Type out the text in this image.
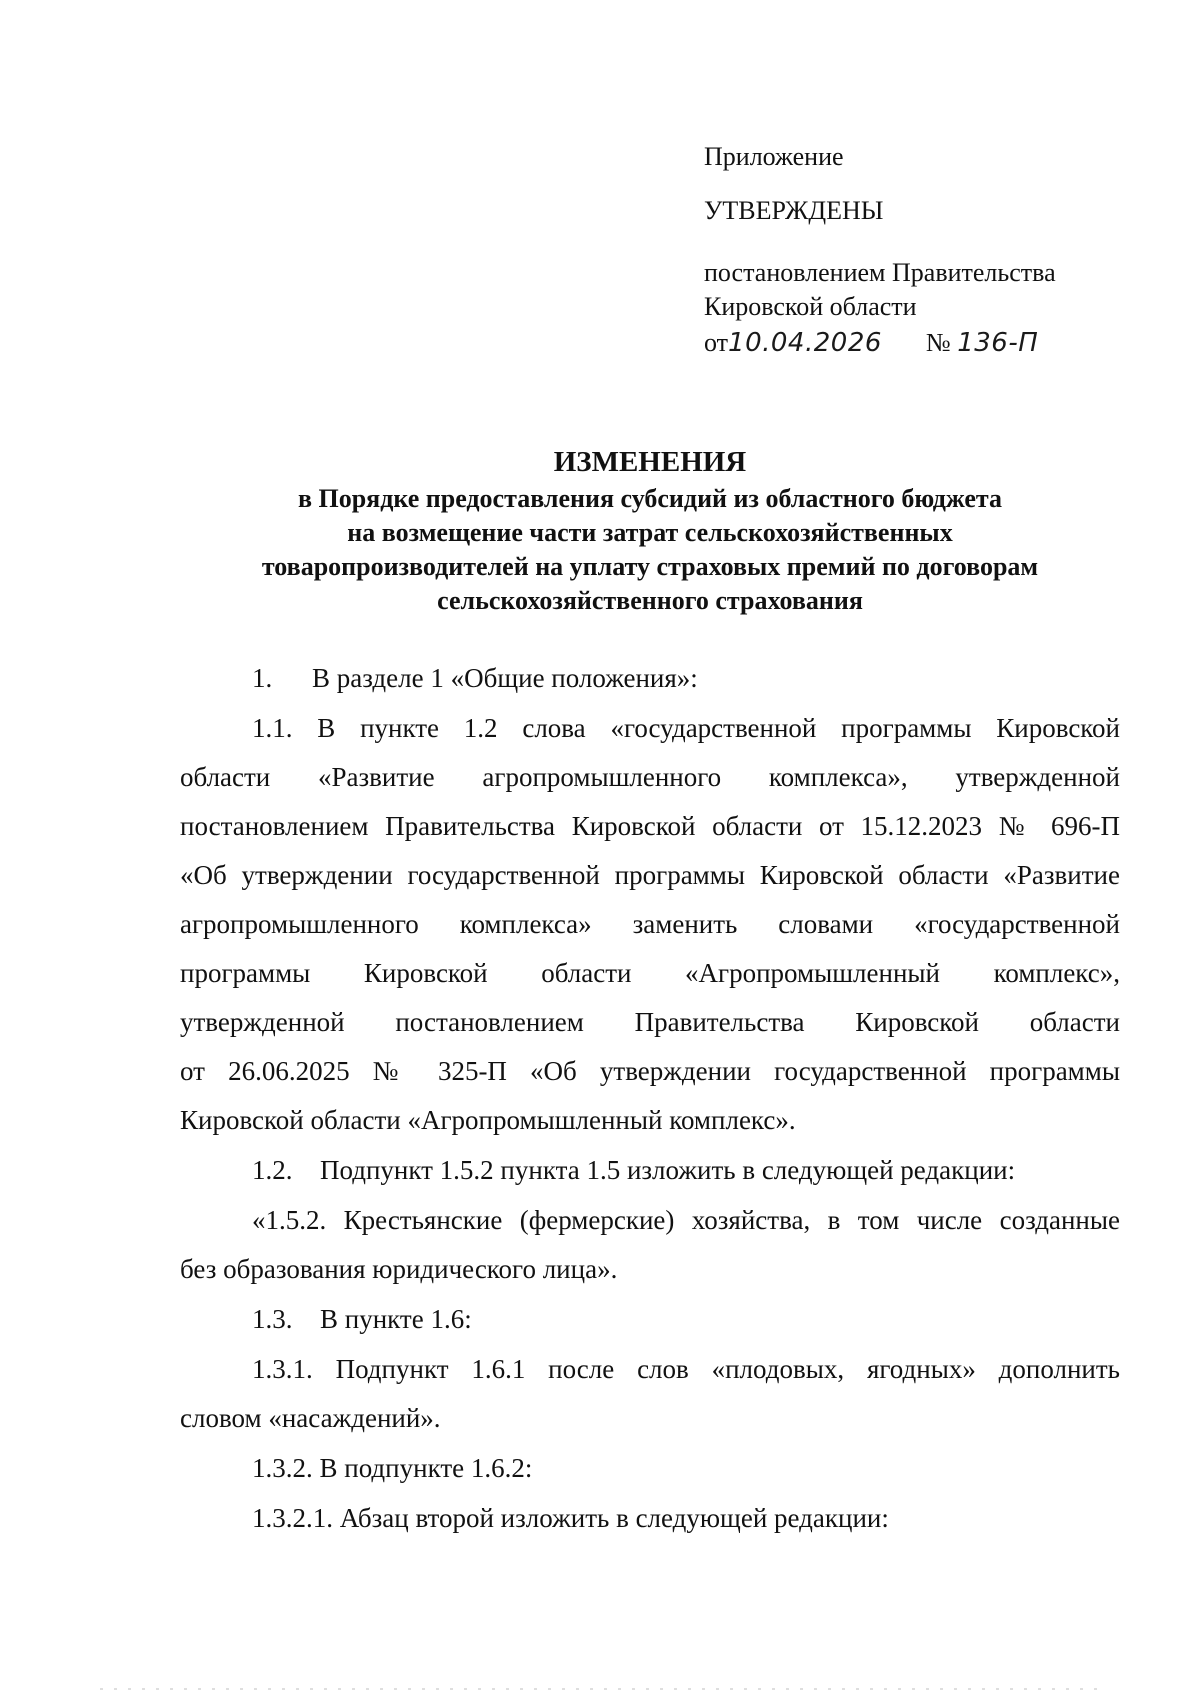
Приложение
УТВЕРЖДЕНЫ
постановлением Правительства
Кировской области
от10.04.2026 № 136-П
ИЗМЕНЕНИЯ
в Порядке предоставления субсидий из областного бюджета
на возмещение части затрат сельскохозяйственных
товаропроизводителей на уплату страховых премий по договорам
сельскохозяйственного страхования
1. В разделе 1 «Общие положения»:
1.1. В пункте 1.2 слова «государственной программы Кировской
области «Развитие агропромышленного комплекса», утвержденной
постановлением Правительства Кировской области от 15.12.2023 № 696-П
«Об утверждении государственной программы Кировской области «Развитие
агропромышленного комплекса» заменить словами «государственной
программы Кировской области «Агропромышленный комплекс»,
утвержденной постановлением Правительства Кировской области
от 26.06.2025 № 325-П «Об утверждении государственной программы
Кировской области «Агропромышленный комплекс».
1.2. Подпункт 1.5.2 пункта 1.5 изложить в следующей редакции:
«1.5.2. Крестьянские (фермерские) хозяйства, в том числе созданные
без образования юридического лица».
1.3. В пункте 1.6:
1.3.1. Подпункт 1.6.1 после слов «плодовых, ягодных» дополнить
словом «насаждений».
1.3.2. В подпункте 1.6.2:
1.3.2.1. Абзац второй изложить в следующей редакции:
